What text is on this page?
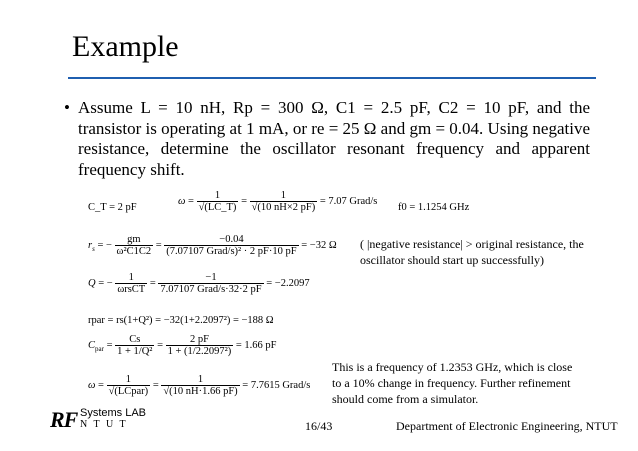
Example
• Assume L = 10 nH, Rp = 300 Ω, C1 = 2.5 pF, C2 = 10 pF, and the transistor is operating at 1 mA, or re = 25 Ω and gm = 0.04. Using negative resistance, determine the oscillator resonant frequency and apparent frequency shift.
C_T = 2 pF
$\omega = \frac{1}{√(LC\_T)} = \frac{1}{√(10 nH\times 2 pF)} = 7.07$ Grad/s
f0 = 1.1254 GHz
$r_s$ = − $\frac{gm}{\text{ω²C1C2}} = \frac{-0.04}{\text{(7.07107 Grad/s)² · 2 pF·10 pF}} = -32$ Ω ( |negative resistance| > original resistance, the oscillator should start up successfully)
Q = − $\frac{1}{\text{ωrsCT}} = \frac{-1}{\text{7.07107 Grad/s·32·2 pF}} = -2.2097$
rpar = rs(1+Q²) = −32(1+2.2097²) = −188 Ω
$C_{par} = \frac{Cs}{\text{1 + 1/Q²}} = \frac{2 pF}{\text{1 + (1/2.2097²)}} = 1.66$ pF
$\omega = \frac{1}{\text{√(LCpar)}} = \frac{1}{√(10 nH\cdot 1.66 pF)} = 7.7615$ Grad/s
This is a frequency of 1.2353 GHz, which is close to a 10% change in frequency. Further refinement should come from a simulator.
RF Systems LAB
N T U T	16/43	Department of Electronic Engineering, NTUT
